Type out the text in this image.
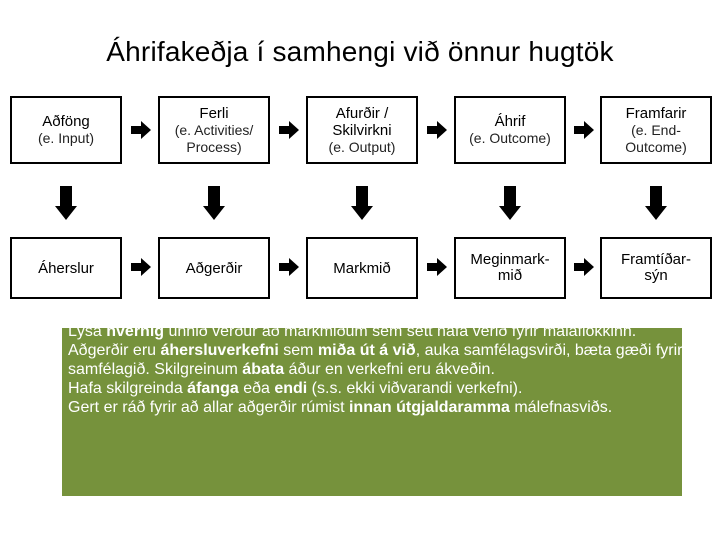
Áhrifakeðja í samhengi við önnur hugtök
Aðföng
(e. Input)
Ferli
(e. Activities/ Process)
Afurðir / Skilvirkni
(e. Output)
Áhrif
(e. Outcome)
Framfarir
(e. End-Outcome)
Áherslur	Aðgerðir	Markmið	Meginmark-
mið
Framtíðar-
sýn
•	Lýsa hvernig unnið verður að markmiðum sem sett hafa verið fyrir málaflokkinn.
•	Aðgerðir eru áhersluverkefni sem miða út á við, auka samfélagsvirði, bæta gæði fyrir samfélagið. Skilgreinum ábata áður en verkefni eru ákveðin.
•	Hafa skilgreinda áfanga eða endi (s.s. ekki viðvarandi verkefni).
•	Gert er ráð fyrir að allar aðgerðir rúmist innan útgjaldaramma málefnasviðs.
